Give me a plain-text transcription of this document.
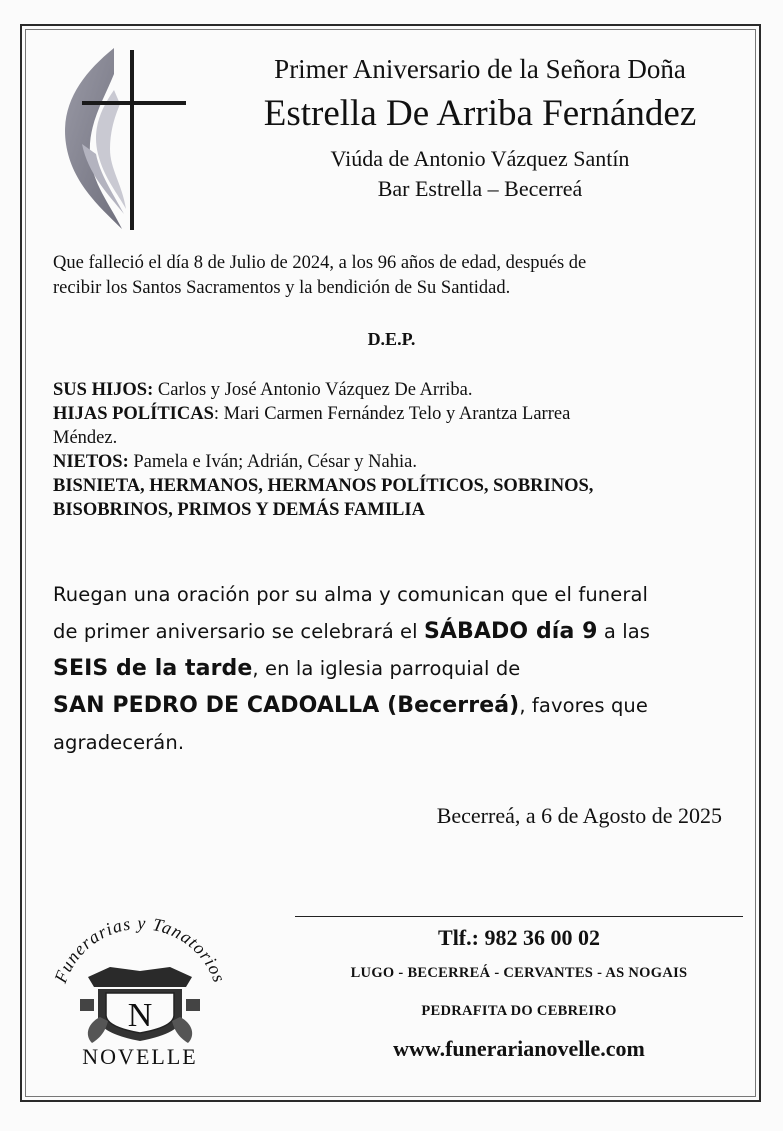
Primer Aniversario de la Señora Doña
Estrella De Arriba Fernández
Viúda de Antonio Vázquez Santín
Bar Estrella – Becerreá
Que falleció el día 8 de Julio de 2024, a los 96 años de edad, después de
recibir los Santos Sacramentos y la bendición de Su Santidad.
D.E.P.
SUS HIJOS: Carlos y José Antonio Vázquez De Arriba.
HIJAS POLÍTICAS: Mari Carmen Fernández Telo y Arantza Larrea
Méndez.
NIETOS: Pamela e Iván; Adrián, César y Nahia.
BISNIETA, HERMANOS, HERMANOS POLÍTICOS, SOBRINOS,
BISOBRINOS, PRIMOS Y DEMÁS FAMILIA
Ruegan una oración por su alma y comunican que el funeral
de primer aniversario se celebrará el SÁBADO día 9 a las
SEIS de la tarde, en la iglesia parroquial de
SAN PEDRO DE CADOALLA (Becerreá), favores que
agradecerán.
Becerreá, a 6 de Agosto de 2025
Tlf.: 982 36 00 02
LUGO - BECERREÁ - CERVANTES - AS NOGAIS
PEDRAFITA DO CEBREIRO
www.funerarianovelle.com
Funerarias y Tanatorios
N
NOVELLE
